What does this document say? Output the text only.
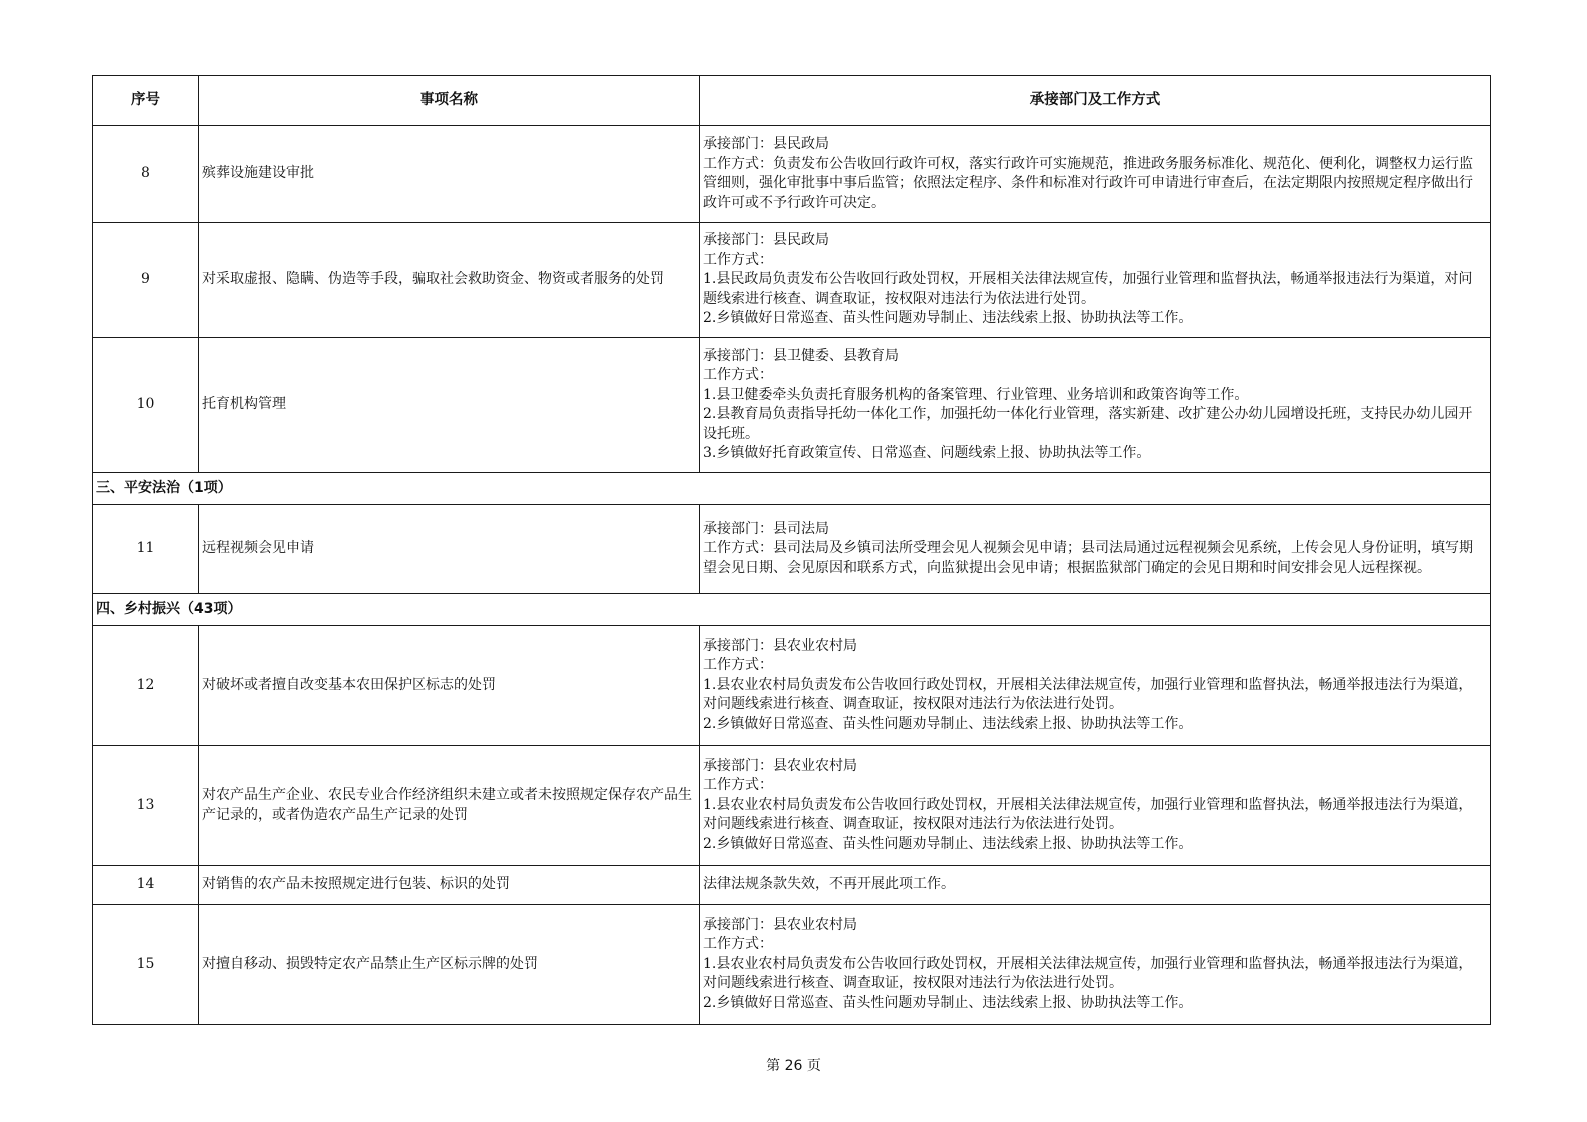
序号	事项名称	承接部门及工作方式
8	殡葬设施建设审批	承接部门：县民政局
工作方式：负责发布公告收回行政许可权，落实行政许可实施规范，推进政务服务标准化、规范化、便利化，调整权力运行监管细则，强化审批事中事后监管；依照法定程序、条件和标准对行政许可申请进行审查后，在法定期限内按照规定程序做出行政许可或不予行政许可决定。

9	对采取虚报、隐瞒、伪造等手段，骗取社会救助资金、物资或者服务的处罚	承接部门：县民政局
工作方式：
1.县民政局负责发布公告收回行政处罚权，开展相关法律法规宣传，加强行业管理和监督执法，畅通举报违法行为渠道，对问题线索进行核查、调查取证，按权限对违法行为依法进行处罚。
2.乡镇做好日常巡查、苗头性问题劝导制止、违法线索上报、协助执法等工作。

10	托育机构管理	承接部门：县卫健委、县教育局
工作方式：
1.县卫健委牵头负责托育服务机构的备案管理、行业管理、业务培训和政策咨询等工作。
2.县教育局负责指导托幼一体化工作，加强托幼一体化行业管理，落实新建、改扩建公办幼儿园增设托班，支持民办幼儿园开设托班。
3.乡镇做好托育政策宣传、日常巡查、问题线索上报、协助执法等工作。

三、平安法治（1项）		
11	远程视频会见申请	承接部门：县司法局
工作方式：县司法局及乡镇司法所受理会见人视频会见申请；县司法局通过远程视频会见系统，上传会见人身份证明，填写期望会见日期、会见原因和联系方式，向监狱提出会见申请；根据监狱部门确定的会见日期和时间安排会见人远程探视。

四、乡村振兴（43项）		
12	对破坏或者擅自改变基本农田保护区标志的处罚	承接部门：县农业农村局
工作方式：
1.县农业农村局负责发布公告收回行政处罚权，开展相关法律法规宣传，加强行业管理和监督执法，畅通举报违法行为渠道，对问题线索进行核查、调查取证，按权限对违法行为依法进行处罚。
2.乡镇做好日常巡查、苗头性问题劝导制止、违法线索上报、协助执法等工作。

13	对农产品生产企业、农民专业合作经济组织未建立或者未按照规定保存农产品生产记录的，或者伪造农产品生产记录的处罚	承接部门：县农业农村局
工作方式：
1.县农业农村局负责发布公告收回行政处罚权，开展相关法律法规宣传，加强行业管理和监督执法，畅通举报违法行为渠道，对问题线索进行核查、调查取证，按权限对违法行为依法进行处罚。
2.乡镇做好日常巡查、苗头性问题劝导制止、违法线索上报、协助执法等工作。

14	对销售的农产品未按照规定进行包装、标识的处罚	法律法规条款失效，不再开展此项工作。

15	对擅自移动、损毁特定农产品禁止生产区标示牌的处罚	承接部门：县农业农村局
工作方式：
1.县农业农村局负责发布公告收回行政处罚权，开展相关法律法规宣传，加强行业管理和监督执法，畅通举报违法行为渠道，对问题线索进行核查、调查取证，按权限对违法行为依法进行处罚。
2.乡镇做好日常巡查、苗头性问题劝导制止、违法线索上报、协助执法等工作。
第 26 页
